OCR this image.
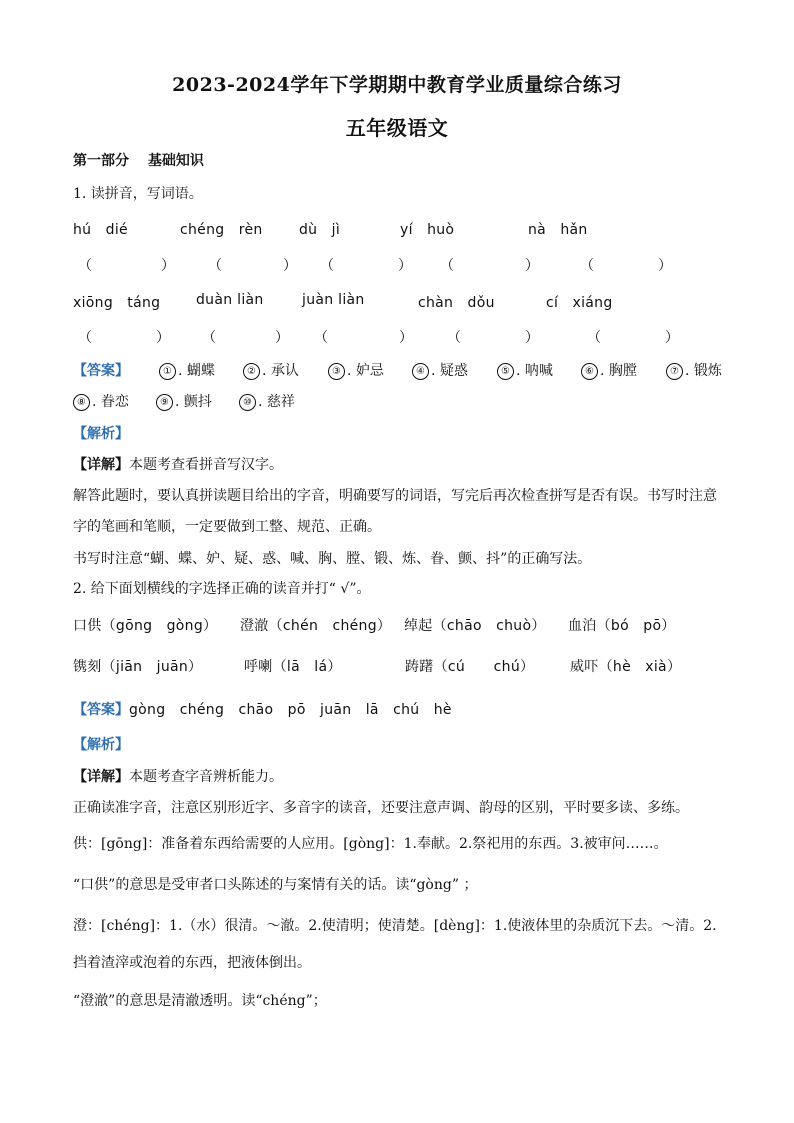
2023-2024学年下学期期中教育学业质量综合练习
五年级语文
第一部分　 基础知识
1. 读拼音，写词语。
hú　dié	chéng　rèn	dù　jì	yí　huò	nà　hǎn
（	） （	） （	） （	）	（	）
xiōng　táng	duàn liàn	juàn liàn	chàn　dǒu	cí　xiáng
（	） （	） （	） （	）	（	）
【答案】	① . 蝴蝶	② . 承认	③ . 妒忌	④ . 疑惑	⑤ . 呐喊	⑥ . 胸膛	⑦ . 锻炼
⑧ . 眷恋	⑨ . 颤抖	⑩ . 慈祥
【解析】
【详解】本题考查看拼音写汉字。
解答此题时，要认真拼读题目给出的字音，明确要写的词语，写完后再次检查拼写是否有误。书写时注意
字的笔画和笔顺，一定要做到工整、规范、正确。
书写时注意“蝴、蝶、妒、疑、惑、喊、胸、膛、锻、炼、眷、颤、抖”的正确写法。
2. 给下面划横线的字选择正确的读音并打“ √”。
口供（gōng　gòng） 澄澈（chén　chéng） 绰起（chāo　chuò） 血泊（bó　pō）
镌刻（jiān　juān）	呼喇（lā　lá）	踌躇（cú　　chú）	威吓（hè　xià）
【答案】gòng　chéng　chāo　pō　juān　lā　chú　hè
【解析】
【详解】本题考查字音辨析能力。
正确读准字音，注意区别形近字、多音字的读音，还要注意声调、韵母的区别，平时要多读、多练。
供：[gōng]：准备着东西给需要的人应用。[gòng]：1.奉献。2.祭祀用的东西。3.被审问……。
“口供”的意思是受审者口头陈述的与案情有关的话。读“gòng” ；
澄：[chéng]：1.（水）很清。～澈。2.使清明；使清楚。[dèng]：1.使液体里的杂质沉下去。～清。2.
挡着渣滓或泡着的东西，把液体倒出。
“澄澈”的意思是清澈透明。读“chéng”；
